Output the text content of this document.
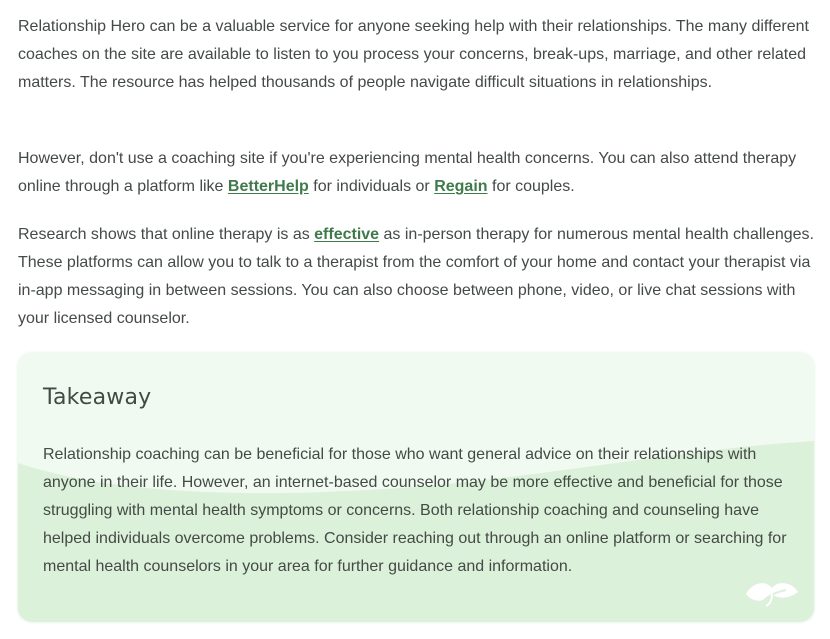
Relationship Hero can be a valuable service for anyone seeking help with their relationships. The many different coaches on the site are available to listen to you process your concerns, break-ups, marriage, and other related matters. The resource has helped thousands of people navigate difficult situations in relationships.

However, don't use a coaching site if you're experiencing mental health concerns. You can also attend therapy online through a platform like BetterHelp for individuals or Regain for couples.

Research shows that online therapy is as effective as in-person therapy for numerous mental health challenges. These platforms can allow you to talk to a therapist from the comfort of your home and contact your therapist via in-app messaging in between sessions. You can also choose between phone, video, or live chat sessions with your licensed counselor.

Takeaway

Relationship coaching can be beneficial for those who want general advice on their relationships with anyone in their life. However, an internet-based counselor may be more effective and beneficial for those struggling with mental health symptoms or concerns. Both relationship coaching and counseling have helped individuals overcome problems. Consider reaching out through an online platform or searching for mental health counselors in your area for further guidance and information.
